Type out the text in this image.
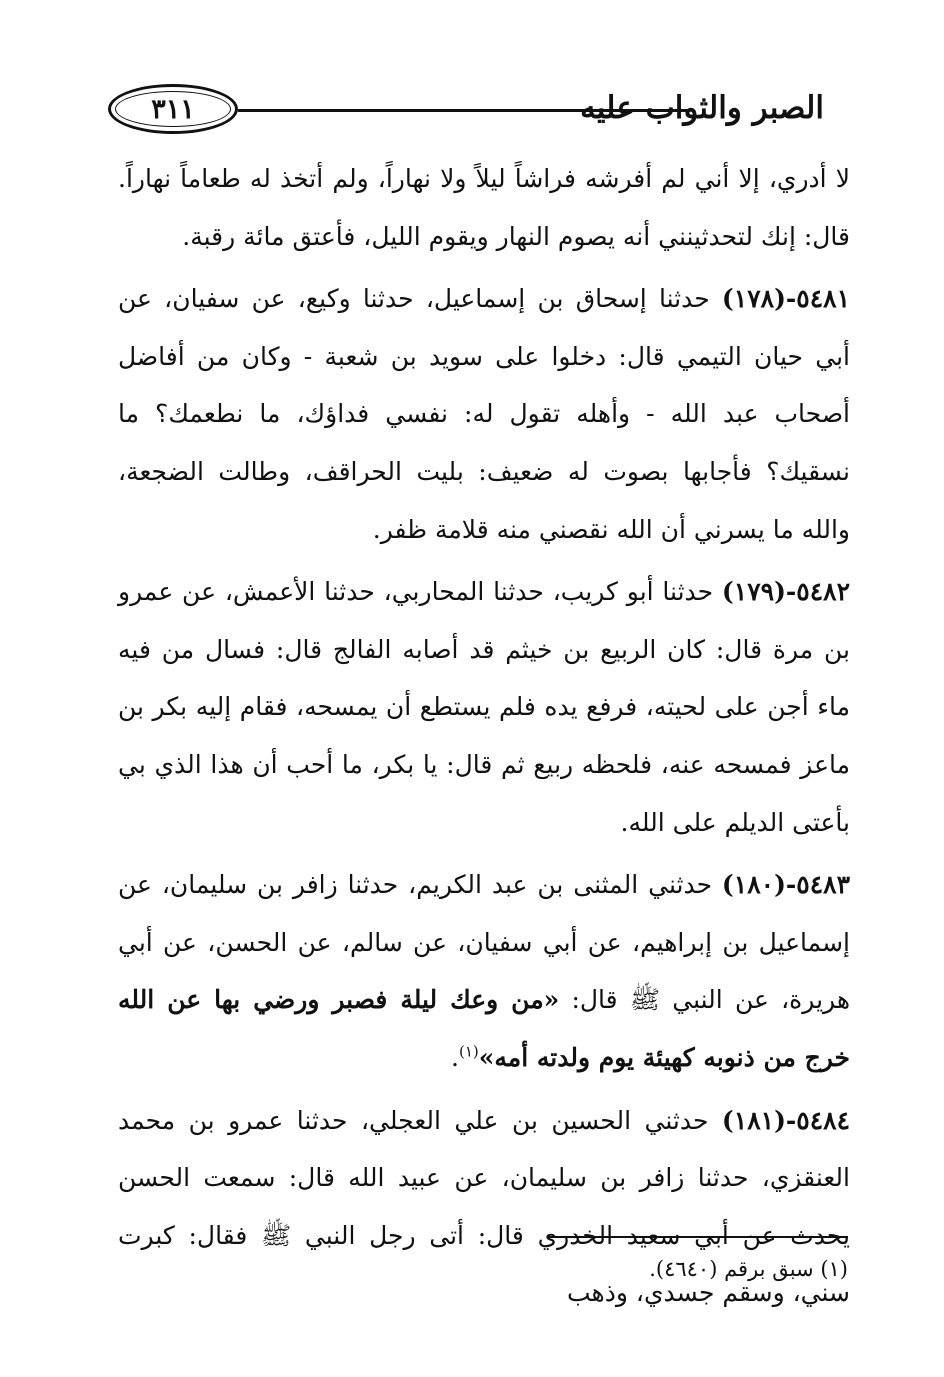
الصبر والثواب عليه
٣١١

لا أدري، إلا أني لم أفرشه فراشاً ليلاً ولا نهاراً، ولم أتخذ له طعاماً نهاراً. قال: إنك لتحدثينني أنه يصوم النهار ويقوم الليل، فأعتق مائة رقبة.

٥٤٨١-(١٧٨) حدثنا إسحاق بن إسماعيل، حدثنا وكيع، عن سفيان، عن أبي حيان التيمي قال: دخلوا على سويد بن شعبة - وكان من أفاضل أصحاب عبد الله - وأهله تقول له: نفسي فداؤك، ما نطعمك؟ ما نسقيك؟ فأجابها بصوت له ضعيف: بليت الحراقف، وطالت الضجعة، والله ما يسرني أن الله نقصني منه قلامة ظفر.

٥٤٨٢-(١٧٩) حدثنا أبو كريب، حدثنا المحاربي، حدثنا الأعمش، عن عمرو بن مرة قال: كان الربيع بن خيثم قد أصابه الفالج قال: فسال من فيه ماء أجن على لحيته، فرفع يده فلم يستطع أن يمسحه، فقام إليه بكر بن ماعز فمسحه عنه، فلحظه ربيع ثم قال: يا بكر، ما أحب أن هذا الذي بي بأعتى الديلم على الله.

٥٤٨٣-(١٨٠) حدثني المثنى بن عبد الكريم، حدثنا زافر بن سليمان، عن إسماعيل بن إبراهيم، عن أبي سفيان، عن سالم، عن الحسن، عن أبي هريرة، عن النبي ﷺ قال: «من وعك ليلة فصبر ورضي بها عن الله خرج من ذنوبه كهيئة يوم ولدته أمه»$^{(١)}$.

٥٤٨٤-(١٨١) حدثني الحسين بن علي العجلي، حدثنا عمرو بن محمد العنقزي، حدثنا زافر بن سليمان، عن عبيد الله قال: سمعت الحسن يحدث عن أبي سعيد الخدري قال: أتى رجل النبي ﷺ فقال: كبرت سني، وسقم جسدي، وذهب

(١) سبق برقم (٤٦٤٠).
